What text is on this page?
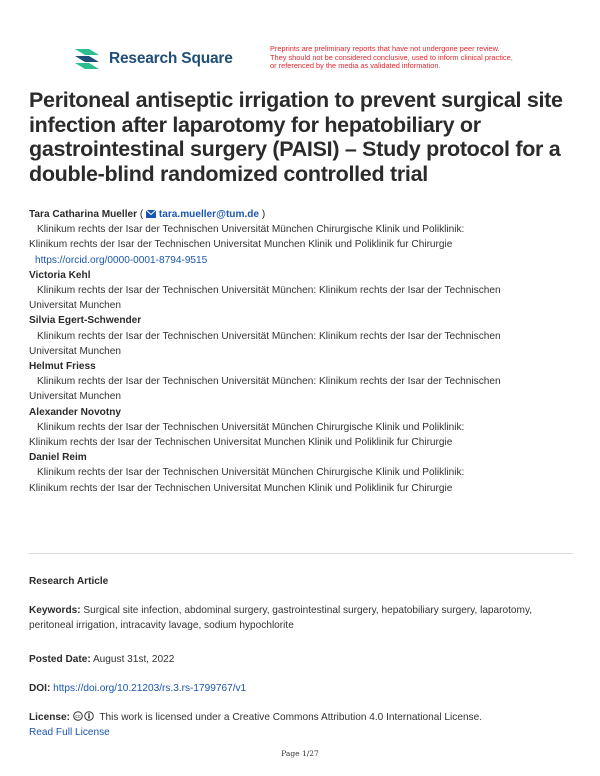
Research Square
Preprints are preliminary reports that have not undergone peer review.
They should not be considered conclusive, used to inform clinical practice,
or referenced by the media as validated information.
Peritoneal antiseptic irrigation to prevent surgical site infection after laparotomy for hepatobiliary or gastrointestinal surgery (PAISI) – Study protocol for a double-blind randomized controlled trial
Tara Catharina Mueller (  tara.mueller@tum.de )
Klinikum rechts der Isar der Technischen Universität München Chirurgische Klinik und Poliklinik:
Klinikum rechts der Isar der Technischen Universitat Munchen Klinik und Poliklinik fur Chirurgie
https://orcid.org/0000-0001-8794-9515
Victoria Kehl
Klinikum rechts der Isar der Technischen Universität München: Klinikum rechts der Isar der Technischen
Universitat Munchen
Silvia Egert-Schwender
Klinikum rechts der Isar der Technischen Universität München: Klinikum rechts der Isar der Technischen
Universitat Munchen
Helmut Friess
Klinikum rechts der Isar der Technischen Universität München: Klinikum rechts der Isar der Technischen
Universitat Munchen
Alexander Novotny
Klinikum rechts der Isar der Technischen Universität München Chirurgische Klinik und Poliklinik:
Klinikum rechts der Isar der Technischen Universitat Munchen Klinik und Poliklinik fur Chirurgie
Daniel Reim
Klinikum rechts der Isar der Technischen Universität München Chirurgische Klinik und Poliklinik:
Klinikum rechts der Isar der Technischen Universitat Munchen Klinik und Poliklinik fur Chirurgie
Research Article
Keywords: Surgical site infection, abdominal surgery, gastrointestinal surgery, hepatobiliary surgery, laparotomy, peritoneal irrigation, intracavity lavage, sodium hypochlorite
Posted Date: August 31st, 2022
DOI: https://doi.org/10.21203/rs.3.rs-1799767/v1
License: cc This work is licensed under a Creative Commons Attribution 4.0 International License.
Read Full License
Page 1/27
